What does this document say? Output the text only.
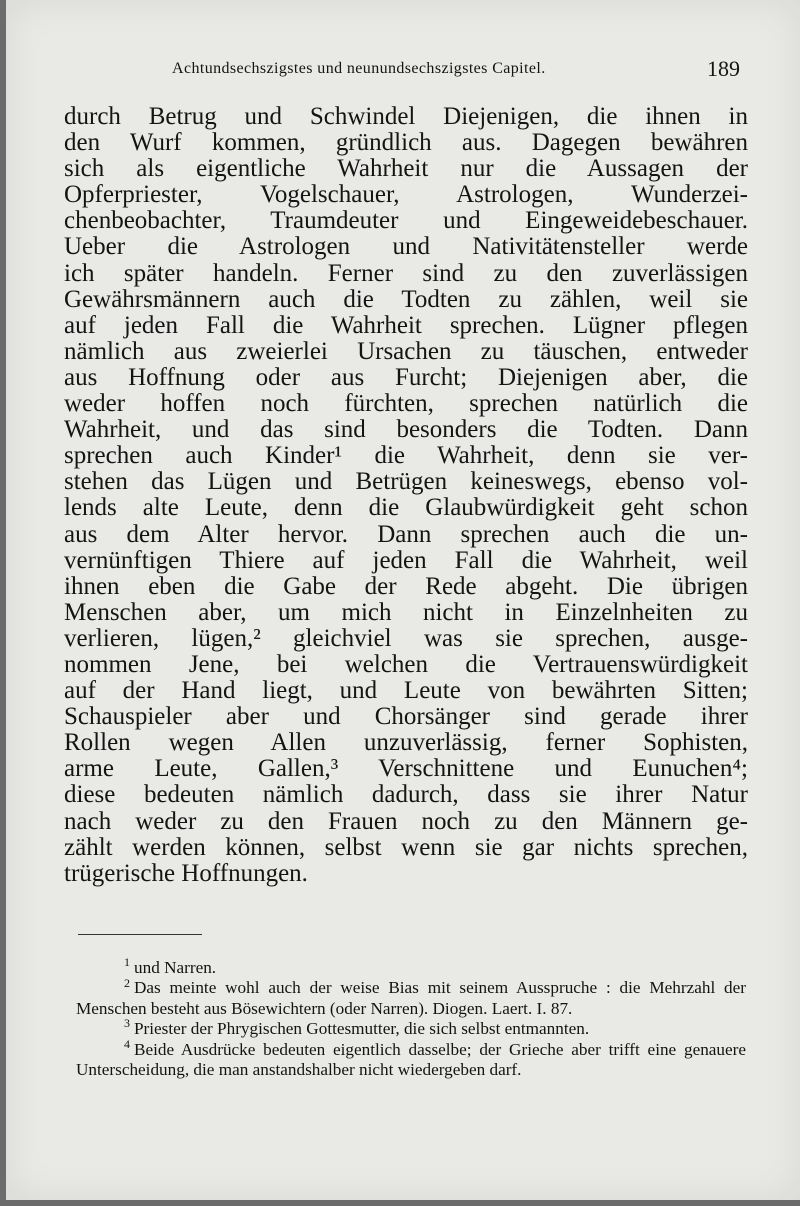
Achtundsechszigstes und neunundsechszigstes Capitel.	189
durch Betrug und Schwindel Diejenigen, die ihnen in
den Wurf kommen, gründlich aus. Dagegen bewähren
sich als eigentliche Wahrheit nur die Aussagen der
Opferpriester, Vogelschauer, Astrologen, Wunderzei-
chenbeobachter, Traumdeuter und Eingeweidebeschauer.
Ueber die Astrologen und Nativitätensteller werde
ich später handeln. Ferner sind zu den zuverlässigen
Gewährsmännern auch die Todten zu zählen, weil sie
auf jeden Fall die Wahrheit sprechen. Lügner pflegen
nämlich aus zweierlei Ursachen zu täuschen, entweder
aus Hoffnung oder aus Furcht; Diejenigen aber, die
weder hoffen noch fürchten, sprechen natürlich die
Wahrheit, und das sind besonders die Todten. Dann
sprechen auch Kinder¹ die Wahrheit, denn sie ver-
stehen das Lügen und Betrügen keineswegs, ebenso vol-
lends alte Leute, denn die Glaubwürdigkeit geht schon
aus dem Alter hervor. Dann sprechen auch die un-
vernünftigen Thiere auf jeden Fall die Wahrheit, weil
ihnen eben die Gabe der Rede abgeht. Die übrigen
Menschen aber, um mich nicht in Einzelnheiten zu
verlieren, lügen,² gleichviel was sie sprechen, ausge-
nommen Jene, bei welchen die Vertrauenswürdigkeit
auf der Hand liegt, und Leute von bewährten Sitten;
Schauspieler aber und Chorsänger sind gerade ihrer
Rollen wegen Allen unzuverlässig, ferner Sophisten,
arme Leute, Gallen,³ Verschnittene und Eunuchen⁴;
diese bedeuten nämlich dadurch, dass sie ihrer Natur
nach weder zu den Frauen noch zu den Männern ge-
zählt werden können, selbst wenn sie gar nichts sprechen,
trügerische Hoffnungen.
$^1$ und Narren.
$^2$ Das meinte wohl auch der weise Bias mit seinem Ausspruche : die Mehrzahl der Menschen besteht aus Bösewichtern (oder Narren). Diogen. Laert. I. 87.
$^3$ Priester der Phrygischen Gottesmutter, die sich selbst entmannten.
$^4$ Beide Ausdrücke bedeuten eigentlich dasselbe; der Grieche aber trifft eine genauere Unterscheidung, die man anstandshalber nicht wiedergeben darf.
